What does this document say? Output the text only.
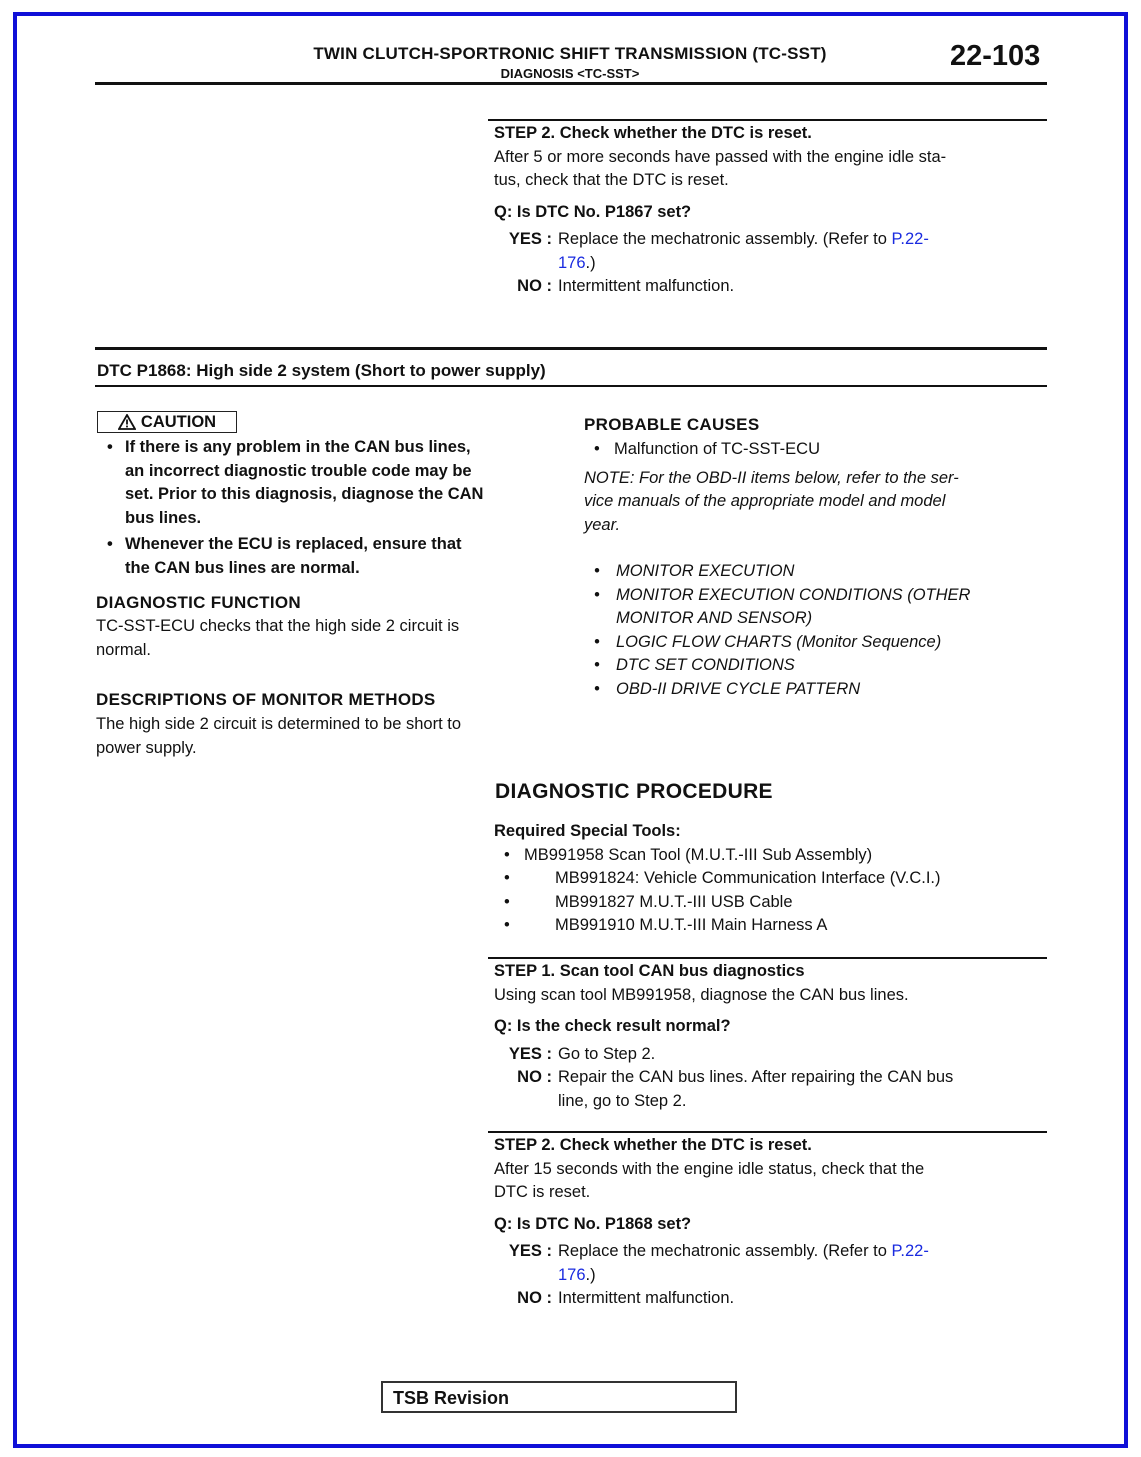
TWIN CLUTCH-SPORTRONIC SHIFT TRANSMISSION (TC-SST)
DIAGNOSIS <TC-SST>
22-103
STEP 2. Check whether the DTC is reset.
After 5 or more seconds have passed with the engine idle sta-
tus, check that the DTC is reset.
Q: Is DTC No. P1867 set?
YES : Replace the mechatronic assembly. (Refer to P.22-
176.)
NO : Intermittent malfunction.
DTC P1868: High side 2 system (Short to power supply)
CAUTION
• If there is any problem in the CAN bus lines,
an incorrect diagnostic trouble code may be
set. Prior to this diagnosis, diagnose the CAN
bus lines.
• Whenever the ECU is replaced, ensure that
the CAN bus lines are normal.
DIAGNOSTIC FUNCTION
TC-SST-ECU checks that the high side 2 circuit is
normal.
DESCRIPTIONS OF MONITOR METHODS
The high side 2 circuit is determined to be short to
power supply.
PROBABLE CAUSES
• Malfunction of TC-SST-ECU
NOTE: For the OBD-II items below, refer to the ser-
vice manuals of the appropriate model and model
year.
• MONITOR EXECUTION
• MONITOR EXECUTION CONDITIONS (OTHER
MONITOR AND SENSOR)
• LOGIC FLOW CHARTS (Monitor Sequence)
• DTC SET CONDITIONS
• OBD-II DRIVE CYCLE PATTERN
DIAGNOSTIC PROCEDURE
Required Special Tools:
• MB991958 Scan Tool (M.U.T.-III Sub Assembly)
• MB991824: Vehicle Communication Interface (V.C.I.)
• MB991827 M.U.T.-III USB Cable
• MB991910 M.U.T.-III Main Harness A
STEP 1. Scan tool CAN bus diagnostics
Using scan tool MB991958, diagnose the CAN bus lines.
Q: Is the check result normal?
YES : Go to Step 2.
NO : Repair the CAN bus lines. After repairing the CAN bus
line, go to Step 2.
STEP 2. Check whether the DTC is reset.
After 15 seconds with the engine idle status, check that the
DTC is reset.
Q: Is DTC No. P1868 set?
YES : Replace the mechatronic assembly. (Refer to P.22-
176.)
NO : Intermittent malfunction.
TSB Revision
